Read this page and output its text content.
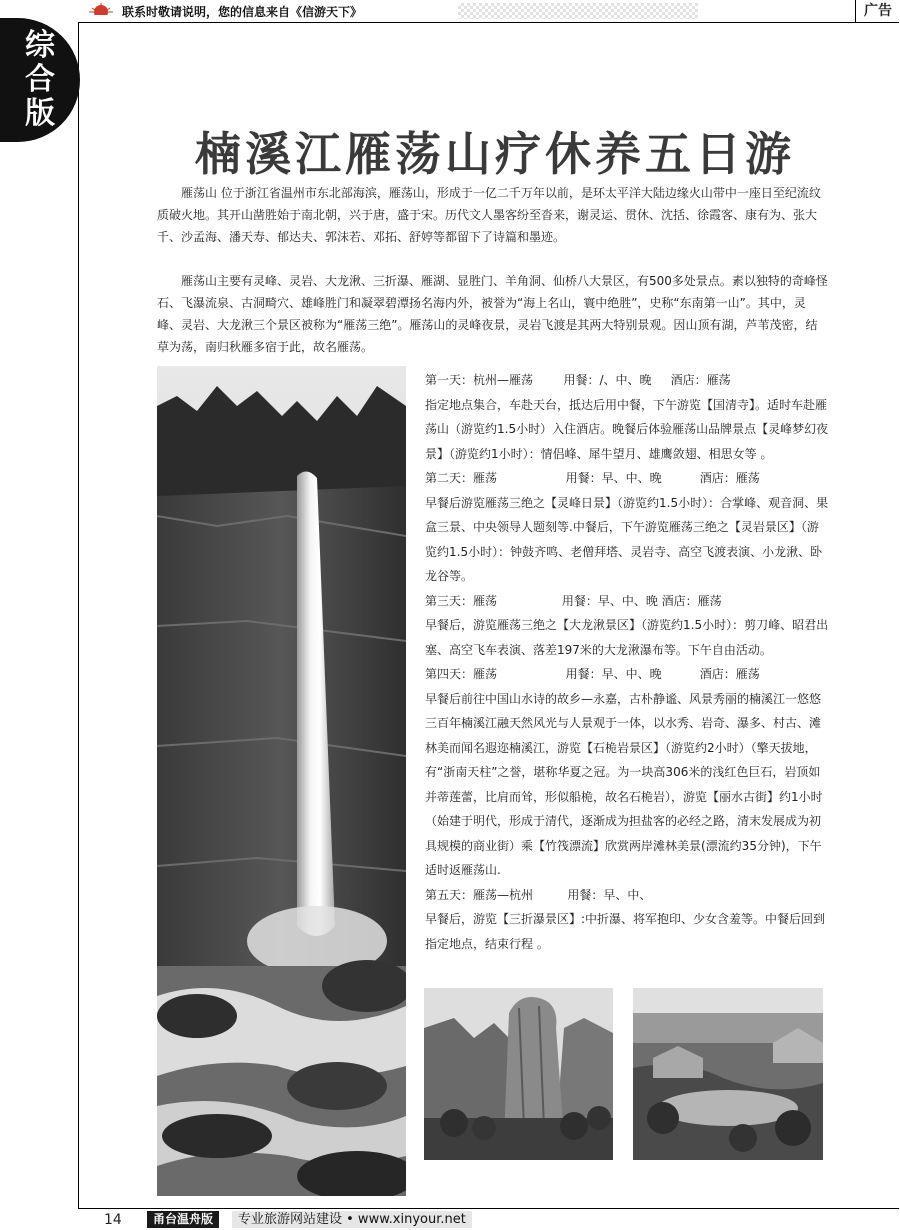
联系时敬请说明，您的信息来自《信游天下》	广告
综
合
版
楠溪江雁荡山疗休养五日游

雁荡山 位于浙江省温州市东北部海滨，雁荡山，形成于一亿二千万年以前，是环太平洋大陆边缘火山带中一座日至纪流纹质破火地。其开山凿胜始于南北朝，兴于唐，盛于宋。历代文人墨客纷至沓来，谢灵运、贯休、沈括、徐霞客、康有为、张大千、沙孟海、潘天寿、郁达夫、郭沫若、邓拓、舒婷等都留下了诗篇和墨迹。

雁荡山主要有灵峰、灵岩、大龙湫、三折瀑、雁湖、显胜门、羊角洞、仙桥八大景区，有500多处景点。素以独特的奇峰怪石、飞瀑流泉、古洞畸穴、雄峰胜门和凝翠碧潭扬名海内外，被誉为“海上名山，寰中绝胜”，史称“东南第一山”。其中，灵峰、灵岩、大龙湫三个景区被称为“雁荡三绝”。雁荡山的灵峰夜景，灵岩飞渡是其两大特别景观。因山顶有湖，芦苇茂密，结草为荡，南归秋雁多宿于此，故名雁荡。

第一天：杭州—雁荡        用餐：/、中、晚     酒店：雁荡

指定地点集合，车赴天台，抵达后用中餐，下午游览【国清寺】。适时车赴雁荡山（游览约1.5小时）入住酒店。晚餐后体验雁荡山品牌景点【灵峰梦幻夜景】（游览约1小时）：情侣峰、犀牛望月、雄鹰敛翅、相思女等 。

第二天：雁荡                  用餐：早、中、晚          酒店：雁荡

早餐后游览雁荡三绝之【灵峰日景】（游览约1.5小时）：合掌峰、观音洞、果盒三景、中央领导人题刻等.中餐后，下午游览雁荡三绝之【灵岩景区】（游览约1.5小时）：钟鼓齐鸣、老僧拜塔、灵岩寺、高空飞渡表演、小龙湫、卧龙谷等。

第三天：雁荡                 用餐：早、中、晚 酒店：雁荡

早餐后，游览雁荡三绝之【大龙湫景区】（游览约1.5小时）：剪刀峰、昭君出塞、高空飞车表演、落差197米的大龙湫瀑布等。下午自由活动。

第四天：雁荡                  用餐：早、中、晚          酒店：雁荡

早餐后前往中国山水诗的故乡—永嘉，古朴静谧、风景秀丽的楠溪江一悠悠三百年楠溪江融天然风光与人景观于一体，以水秀、岩奇、瀑多、村古、滩林美而闻名遐迩楠溪江，游览【石桅岩景区】（游览约2小时）（擎天拔地，有“浙南天柱”之誉，堪称华夏之冠。为一块高306米的浅红色巨石，岩顶如并蒂莲蕾，比肩而耸，形似船桅，故名石桅岩），游览【丽水古街】约1小时（始建于明代，形成于清代，逐渐成为担盐客的必经之路，清末发展成为初具规模的商业街）乘【竹筏漂流】欣赏两岸滩林美景(漂流约35分钟)，下午适时返雁荡山.

第五天：雁荡—杭州         用餐：早、中、

早餐后，游览【三折瀑景区】:中折瀑、将军抱印、少女含羞等。中餐后回到指定地点，结束行程 。

14	甬台温舟版	专业旅游网站建设 • www.xinyour.net
